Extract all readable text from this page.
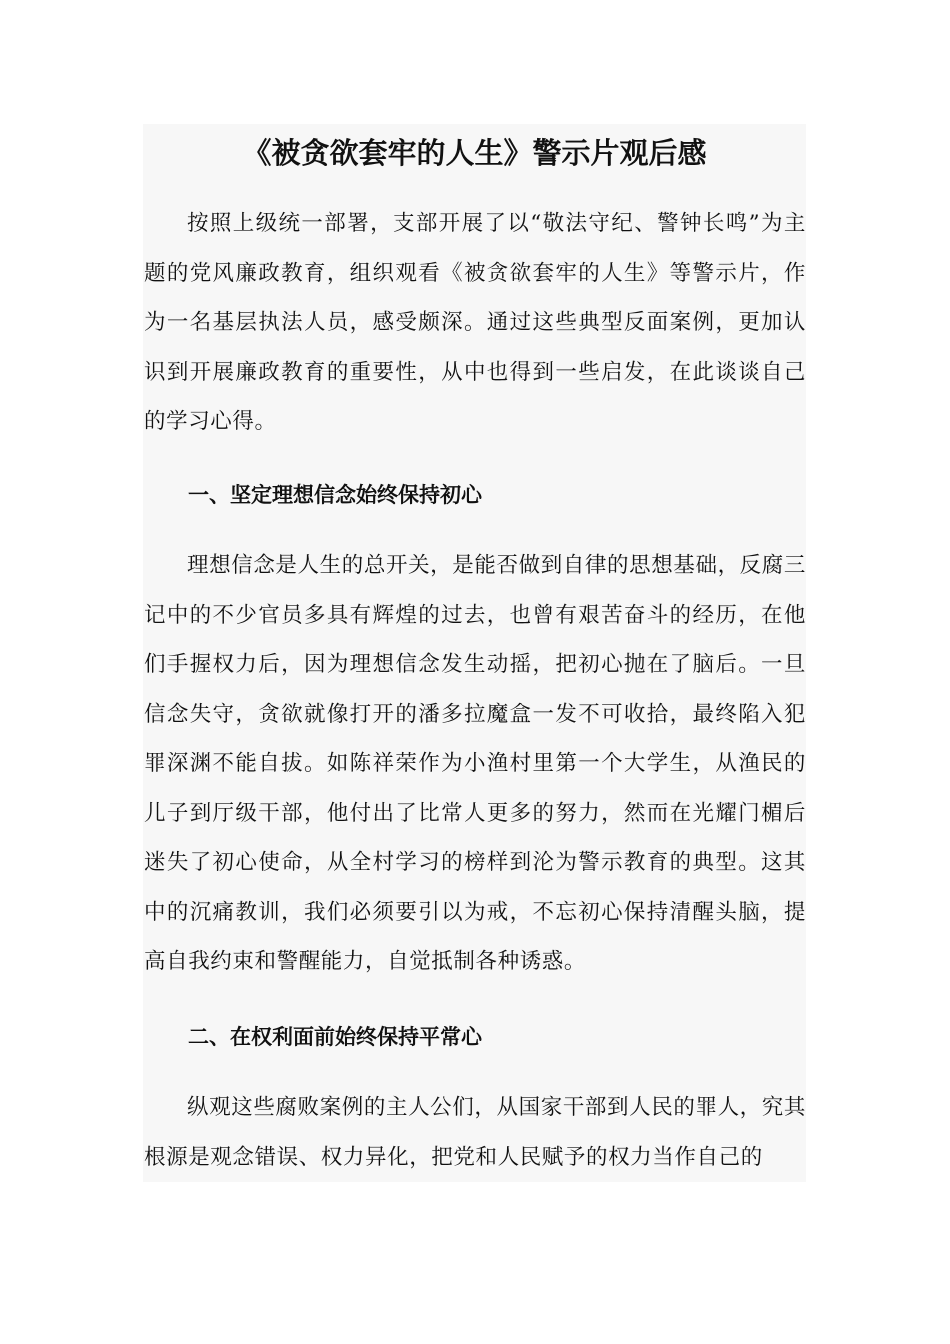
《被贪欲套牢的人生》警示片观后感

按照上级统一部署，支部开展了以“敬法守纪、警钟长鸣”为主题的党风廉政教育，组织观看《被贪欲套牢的人生》等警示片，作为一名基层执法人员，感受颇深。通过这些典型反面案例，更加认识到开展廉政教育的重要性，从中也得到一些启发，在此谈谈自己的学习心得。

一、坚定理想信念始终保持初心

理想信念是人生的总开关，是能否做到自律的思想基础，反腐三记中的不少官员多具有辉煌的过去，也曾有艰苦奋斗的经历，在他们手握权力后，因为理想信念发生动摇，把初心抛在了脑后。一旦信念失守，贪欲就像打开的潘多拉魔盒一发不可收拾，最终陷入犯罪深渊不能自拔。如陈祥荣作为小渔村里第一个大学生，从渔民的儿子到厅级干部，他付出了比常人更多的努力，然而在光耀门楣后迷失了初心使命，从全村学习的榜样到沦为警示教育的典型。这其中的沉痛教训，我们必须要引以为戒，不忘初心保持清醒头脑，提高自我约束和警醒能力，自觉抵制各种诱惑。

二、在权利面前始终保持平常心

纵观这些腐败案例的主人公们，从国家干部到人民的罪人，究其根源是观念错误、权力异化，把党和人民赋予的权力当作自己的
